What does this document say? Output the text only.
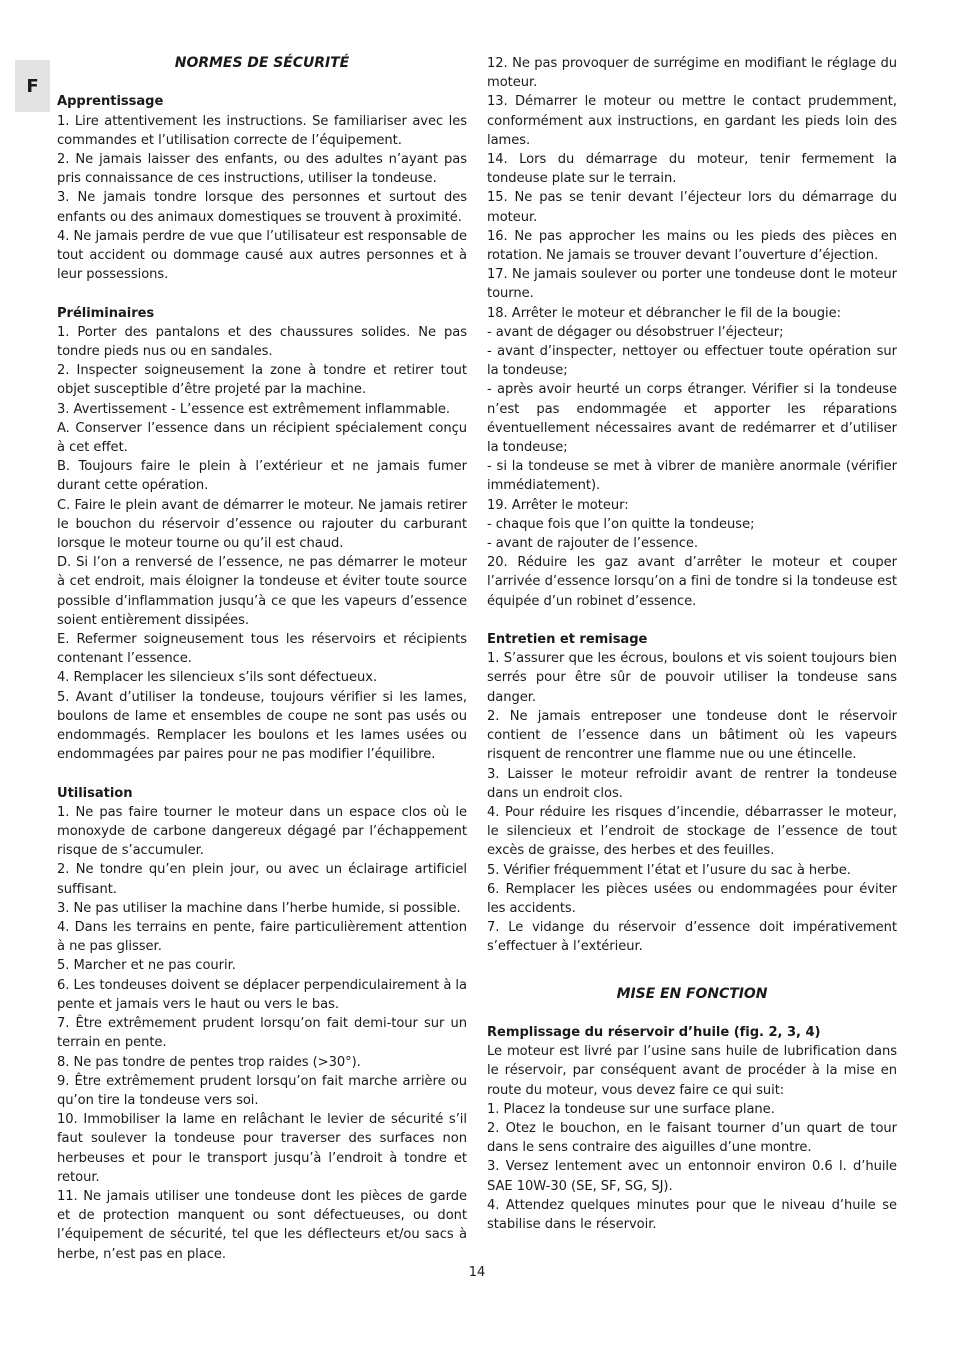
F

NORMES DE SÉCURITÉ

Apprentissage

1. Lire attentivement les instructions. Se familiariser avec les commandes et l’utilisation correcte de l’équipement.

2. Ne jamais laisser des enfants, ou des adultes n’ayant pas pris connaissance de ces instructions, utiliser la tondeuse.

3. Ne jamais tondre lorsque des personnes et surtout des enfants ou des animaux domestiques se trouvent à proximité.

4. Ne jamais perdre de vue que l’utilisateur est responsable de tout accident ou dommage causé aux autres personnes et à leur possessions.

Préliminaires

1. Porter des pantalons et des chaussures solides. Ne pas tondre pieds nus ou en sandales.

2. Inspecter soigneusement la zone à tondre et retirer tout objet susceptible d’être projeté par la machine.

3. Avertissement - L’essence est extrêmement inflammable.

A. Conserver l’essence dans un récipient spécialement conçu à cet effet.

B. Toujours faire le plein à l’extérieur et ne jamais fumer durant cette opération.

C. Faire le plein avant de démarrer le moteur. Ne jamais retirer le bouchon du réservoir d’essence ou rajouter du carburant lorsque le moteur tourne ou qu’il est chaud.

D. Si l’on a renversé de l’essence, ne pas démarrer le moteur à cet endroit, mais éloigner la tondeuse et éviter toute source possible d’inflammation jusqu’à ce que les vapeurs d’essence soient entièrement dissipées.

E. Refermer soigneusement tous les réservoirs et récipients contenant l’essence.

4. Remplacer les silencieux s’ils sont défectueux.

5. Avant d’utiliser la tondeuse, toujours vérifier si les lames, boulons de lame et ensembles de coupe ne sont pas usés ou endommagés. Remplacer les boulons et les lames usées ou endommagées par paires pour ne pas modifier l’équilibre.

Utilisation

1. Ne pas faire tourner le moteur dans un espace clos où le monoxyde de carbone dangereux dégagé par l’échappement risque de s’accumuler.

2. Ne tondre qu’en plein jour, ou avec un éclairage artificiel suffisant.

3. Ne pas utiliser la machine dans l’herbe humide, si possible.

4. Dans les terrains en pente, faire particulièrement attention à ne pas glisser.

5. Marcher et ne pas courir.

6. Les tondeuses doivent se déplacer perpendiculairement à la pente et jamais vers le haut ou vers le bas.

7. Être extrêmement prudent lorsqu’on fait demi-tour sur un terrain en pente.

8. Ne pas tondre de pentes trop raides (>30°).

9. Être extrêmement prudent lorsqu’on fait marche arrière ou qu’on tire la tondeuse vers soi.

10. Immobiliser la lame en relâchant le levier de sécurité s’il faut soulever la tondeuse pour traverser des surfaces non herbeuses et pour le transport jusqu’à l’endroit à tondre et retour.

11. Ne jamais utiliser une tondeuse dont les pièces de garde et de protection manquent ou sont défectueuses, ou dont l’équipement de sécurité, tel que les déflecteurs et/ou sacs à herbe, n’est pas en place.

12. Ne pas provoquer de surrégime en modifiant le réglage du moteur.

13. Démarrer le moteur ou mettre le contact prudemment, conformément aux instructions, en gardant les pieds loin des lames.

14. Lors du démarrage du moteur, tenir fermement la tondeuse plate sur le terrain.

15. Ne pas se tenir devant l’éjecteur lors du démarrage du moteur.

16. Ne pas approcher les mains ou les pieds des pièces en rotation. Ne jamais se trouver devant l’ouverture d’éjection.

17. Ne jamais soulever ou porter une tondeuse dont le moteur tourne.

18. Arrêter le moteur et débrancher le fil de la bougie:

- avant de dégager ou désobstruer l’éjecteur;

- avant d’inspecter, nettoyer ou effectuer toute opération sur la tondeuse;

- après avoir heurté un corps étranger. Vérifier si la tondeuse n’est pas endommagée et apporter les réparations éventuellement nécessaires avant de redémarrer et d’utiliser la tondeuse;

- si la tondeuse se met à vibrer de manière anormale (vérifier immédiatement).

19. Arrêter le moteur:

- chaque fois que l’on quitte la tondeuse;

- avant de rajouter de l’essence.

20. Réduire les gaz avant d’arrêter le moteur et couper l’arrivée d’essence lorsqu’on a fini de tondre si la tondeuse est équipée d’un robinet d’essence.

Entretien et remisage

1. S’assurer que les écrous, boulons et vis soient toujours bien serrés pour être sûr de pouvoir utiliser la tondeuse sans danger.

2. Ne jamais entreposer une tondeuse dont le réservoir contient de l’essence dans un bâtiment où les vapeurs risquent de rencontrer une flamme nue ou une étincelle.

3. Laisser le moteur refroidir avant de rentrer la tondeuse dans un endroit clos.

4. Pour réduire les risques d’incendie, débarrasser le moteur, le silencieux et l’endroit de stockage de l’essence de tout excès de graisse, des herbes et des feuilles.

5. Vérifier fréquemment l’état et l’usure du sac à herbe.

6. Remplacer les pièces usées ou endommagées pour éviter les accidents.

7. Le vidange du réservoir d’essence doit impérativement s’effectuer à l’extérieur.

MISE EN FONCTION

Remplissage du réservoir d’huile (fig. 2, 3, 4)

Le moteur est livré par l’usine sans huile de lubrification dans le réservoir, par conséquent avant de procéder à la mise en route du moteur, vous devez faire ce qui suit:

1. Placez la tondeuse sur une surface plane.

2. Otez le bouchon, en le faisant tourner d’un quart de tour dans le sens contraire des aiguilles d’une montre.

3. Versez lentement avec un entonnoir environ 0.6 l. d’huile SAE 10W-30 (SE, SF, SG, SJ).

4. Attendez quelques minutes pour que le niveau d’huile se stabilise dans le réservoir.

14
